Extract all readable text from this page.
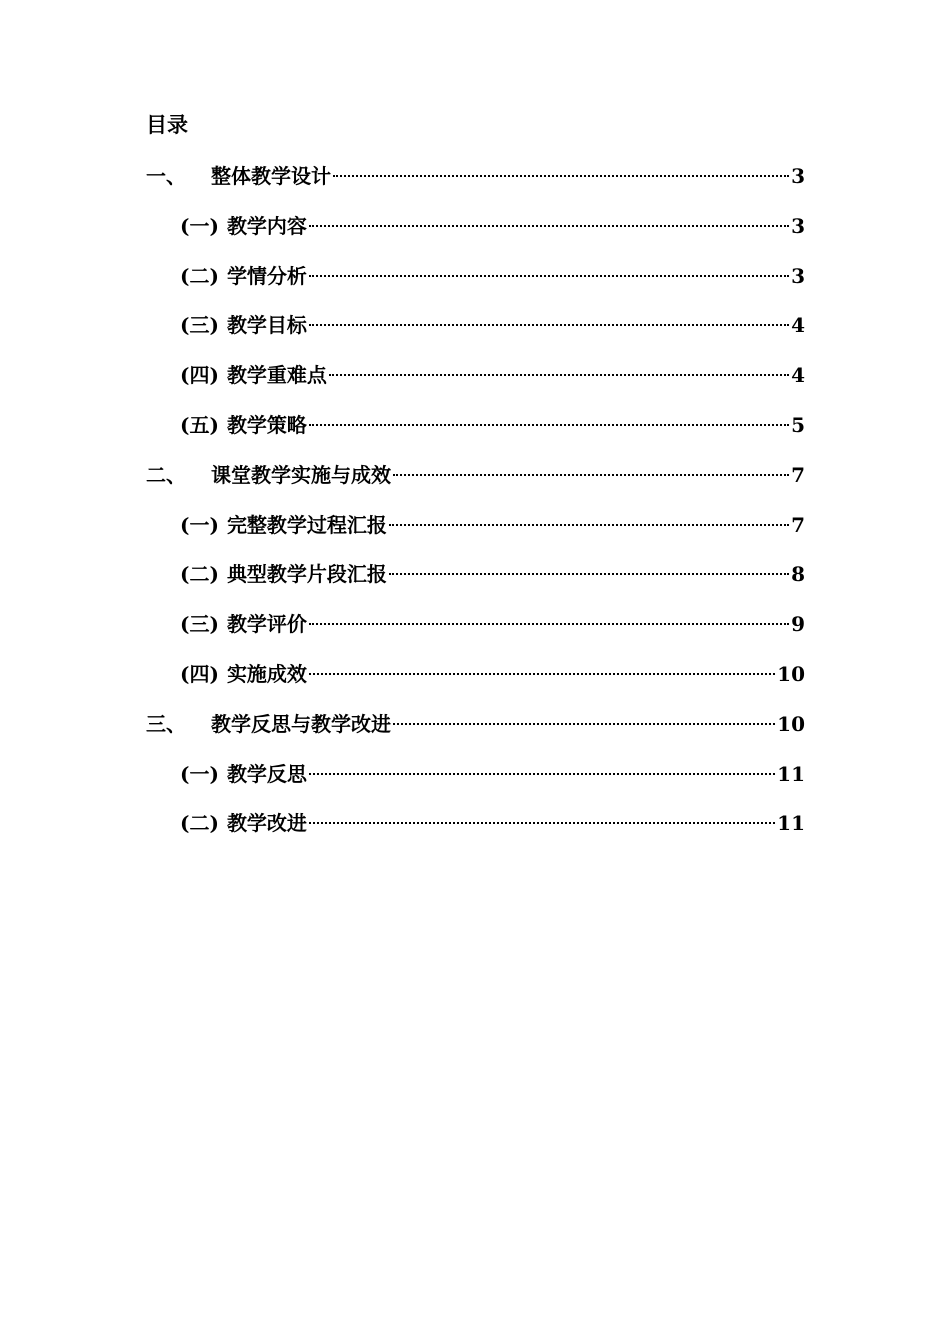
目录
一、	整体教学设计	3
(一) 教学内容	3
(二) 学情分析	3
(三) 教学目标	4
(四) 教学重难点	4
(五) 教学策略	5
二、	课堂教学实施与成效	7
(一) 完整教学过程汇报	7
(二) 典型教学片段汇报	8
(三) 教学评价	9
(四) 实施成效	10
三、	教学反思与教学改进	10
(一) 教学反思	11
(二) 教学改进	11
